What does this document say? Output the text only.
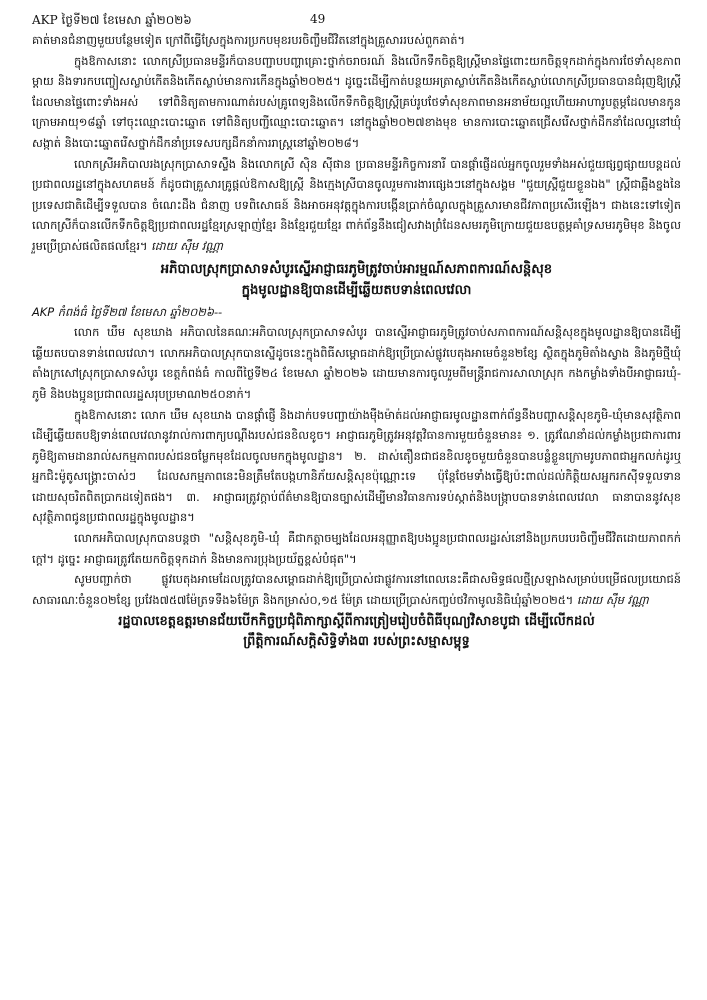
AKP ថ្ងៃទី២៧ ខែមេសា ឆ្នាំ២០២៦	49

គាត់មានជំនាញមួយបន្ថែមទៀត ក្រៅពីធ្វើស្រែក្នុងការប្រកបមុខរបរចិញ្ចឹមជីវិតនៅក្នុងគ្រួសាររបស់ពួកគាត់។

ក្នុងឱកាសនោះ លោកស្រីប្រធានមន្ទីរក៏បានបញ្ជាបបញ្ហាគ្រោះថ្នាក់ចរាចរណ៍ និងលើកទឹកចិត្តឱ្យស្ត្រីមានផ្ទៃពោះយកចិត្តទុកដាក់ក្នុងការថែទាំសុខភាពម្តាយ និងទារកបញ្ចៀសស្លាប់កើតនិងកើតស្លាប់មានការកើនក្នុងឆ្នាំ២០២៥។ ដូច្នេះដើម្បីកាត់បន្ថយអត្រាស្លាប់កើតនិងកើតស្លាប់លោកស្រីប្រធានបានជំរុញឱ្យស្ត្រីដែលមានផ្ទៃពោះទាំងអស់ ទៅពិនិត្យតាមការណាត់របស់គ្រូពេទ្យនិងលើកទឹកចិត្តឱ្យស្ត្រីគ្រប់រូបថែទាំសុខភាពមានអនាម័យល្អហើយអាហារូបត្ថម្ភដែលមានកូនក្រោមអាយុ១៨ឆ្នាំ ទៅចុះឈ្មោះបោះឆ្នោត ទៅពិនិត្យបញ្ជីឈ្មោះបោះឆ្នោត។ នៅក្នុងឆ្នាំ២០២៧ខាងមុខ មានការបោះឆ្នោតជ្រើសរើសថ្នាក់ដឹកនាំដែលល្អនៅឃុំសង្កាត់ និងបោះឆ្នោតរើសថ្នាក់ដឹកនាំប្រទេសបក្សដឹកនាំការរាស្ត្រនៅឆ្នាំ២០២៨។

លោកស្រីអភិបាលរងស្រុកប្រាសាទស្ទឹង និងលោកស្រី សុិន ស៊ីផាន ប្រធានមន្ទីរកិច្ចការនារី បានផ្តាំផ្ញើដល់អ្នកចូលរួមទាំងអស់ជួយផ្សព្វផ្សាយបន្តដល់ប្រជាពលរដ្ឋនៅក្នុងសហគមន៍ ក៏ដូចជាគ្រួសារគ្រូផ្តល់ឱកាសឱ្យស្ត្រី និងក្មេងស្រីបានចូលរួមការងារផ្សេងៗនៅក្នុងសង្គម "ជួយស្ត្រីជួយខ្លួនឯង" ស្ត្រីជាឆ្អឹងខ្នងនៃប្រទេសជាតិដើម្បីទទួលបាន ចំណេះដឹង ជំនាញ បទពិសោធន៍ និងអាចអនុវត្តក្នុងការបង្កើនប្រាក់ចំណូលក្នុងគ្រួសារមានជីវភាពប្រសើរឡើង។ ជាងនេះទៅទៀតលោកស្រីក៏បានលើកទឹកចិត្តឱ្យប្រជាពលរដ្ឋខ្មែរស្រឡាញ់ខ្មែរ និងខ្មែរជួយខ្មែរ ពាក់ព័ន្ធនឹងជៀសវាងព្រំដែនសមរភូមិក្រោយជួយឧបត្ថម្ភគាំទ្រសមរភូមិមុខ និងចូលរួមប្រើប្រាស់ផលិតផលខ្មែរ។ ដោយ ស៊ឹម វណ្ណា

អភិបាលស្រុកប្រាសាទសំបូរស្នើអាជ្ញាធរភូមិត្រូវចាប់អារម្មណ៍សភាពការណ៍សន្តិសុខ
ក្នុងមូលដ្ឋានឱ្យបានដើម្បីឆ្លើយតបទាន់ពេលវេលា
AKP កំពង់ធំ ថ្ងៃទី២៧ ខែមេសា ឆ្នាំ២០២៦--

លោក ឃឹម សុខឃាង អភិបាលនៃគណៈអភិបាលស្រុកប្រាសាទសំបូរ បានស្នើអាជ្ញាធរភូមិត្រូវចាប់សភាពការណ៍សន្តិសុខក្នុងមូលដ្ឋានឱ្យបានដើម្បីឆ្លើយតបបានទាន់ពេលវេលា។ លោកអភិបាលស្រុកបានស្នើដូចនេះក្នុងពិធីសម្ពោធដាក់ឱ្យប្រើប្រាស់ផ្លូវបេតុងអាមេចំនួន២ខ្សែ ស្ថិតក្នុងភូមិតាំងស្វាង និងភូមិថ្មីឃុំតាំងក្រសៅស្រុកប្រាសាទសំបូរ ខេត្តកំពង់ធំ កាលពីថ្ងៃទី២៤ ខែមេសា ឆ្នាំ២០២៦ ដោយមានការចូលរួមពីមន្ត្រីរាជការសាលាស្រុក កងកម្លាំងទាំងបីអាជ្ញាធរឃុំ-ភូមិ និងបងប្អូនប្រជាពលរដ្ឋសរុបប្រមាណ២៥០នាក់។

ក្នុងឱកាសនោះ លោក ឃឹម សុខឃាង បានផ្តាំផ្ញើ និងដាក់បទបញ្ជាយ៉ាងម៉ឺងម៉ាត់ដល់អាជ្ញាធរមូលដ្ឋានពាក់ព័ន្ធនឹងបញ្ហាសន្តិសុខភូមិ-ឃុំមានសុវត្ថិភាព ដើម្បីឆ្លើយតបឱ្យទាន់ពេលវេលានូវរាល់ការពាក្យបណ្តឹងរបស់ជនខិលខូច។ អាជ្ញាធរភូមិត្រូវអនុវត្តវិធានការមួយចំនួនមាន៖ ១. ត្រូវណែនាំដល់កម្លាំងប្រជាការពារភូមិឱ្យតាមដានរាល់សកម្មភាពរបស់ជនចម្លែកមុខដែលចូលមកក្នុងមូលដ្ឋាន។ ២. ដាស់តឿនជាជនខិលខូចមួយចំនួនបានបន្លំខ្លួនក្រោមរូបភាពជាអ្នកលក់ដូរឬអ្នកជិះម៉ូតូសង្គ្រោះចាស់ៗ ដែលសកម្មភាពនេះមិនត្រឹមតែបង្កហានិភ័យសន្តិសុខប៉ុណ្ណោះទេ ប៉ុន្តែថែមទាំងធ្វើឱ្យប៉ះពាល់ដល់កិត្តិយសអ្នករកស៊ីទទួលទានដោយសុចរិតពិតប្រាកដទៀតផង។ ៣. អាជ្ញាធរត្រូវក្តាប់ព័ត៌មានឱ្យបានច្បាស់ដើម្បីមានវិធានការទប់ស្កាត់និងបង្ក្រាបបានទាន់ពេលវេលា ធានាបាននូវសុខសុវត្ថិភាពជូនប្រជាពលរដ្ឋក្នុងមូលដ្ឋាន។

លោកអភិបាលស្រុកបានបន្តថា "សន្តិសុខភូមិ-ឃុំ គឺជាកត្តាចម្បងដែលអនុញ្ញាតឱ្យបងប្អូនប្រជាពលរដ្ឋរស់នៅនិងប្រកបរបរចិញ្ចឹមជីវិតដោយភាពកក់ក្តៅ។ ដូច្នេះ អាជ្ញាធរត្រូវតែយកចិត្តទុកដាក់ និងមានការប្រុងប្រយ័ត្នខ្ពស់បំផុត"។

សូមបញ្ជាក់ថា ផ្លូវបេតុងអាមេដែលត្រូវបានសម្ពោធដាក់ឱ្យប្រើប្រាស់ជាផ្លូវការនៅពេលនេះគឺជាសមិទ្ធផលថ្មីស្រឡាងសម្រាប់បម្រើផលប្រយោជន៍សាធារណៈចំនួន០២ខ្សែ ប្រវែង៧៥៧ម៉ែត្រទទឹង៦ម៉ែត្រ និងកម្រាស់០,១៥ ម៉ែត្រ ដោយប្រើប្រាស់កញ្ចប់ថវិកាមូលនិធិឃុំឆ្នាំ២០២៥។ ដោយ ស៊ឹម វណ្ណា

រដ្ឋបាលខេត្តឧត្តរមានជ័យបើកកិច្ចប្រជុំពិភាក្សាស្តីពីការត្រៀមរៀបចំពិធីបុណ្យវិសាខបូជា ដើម្បីលើកដល់
ព្រឹត្តិការណ៍សក្តិសិទ្ធិទាំង៣ របស់ព្រះសម្មាសម្ពុទ្ធ
